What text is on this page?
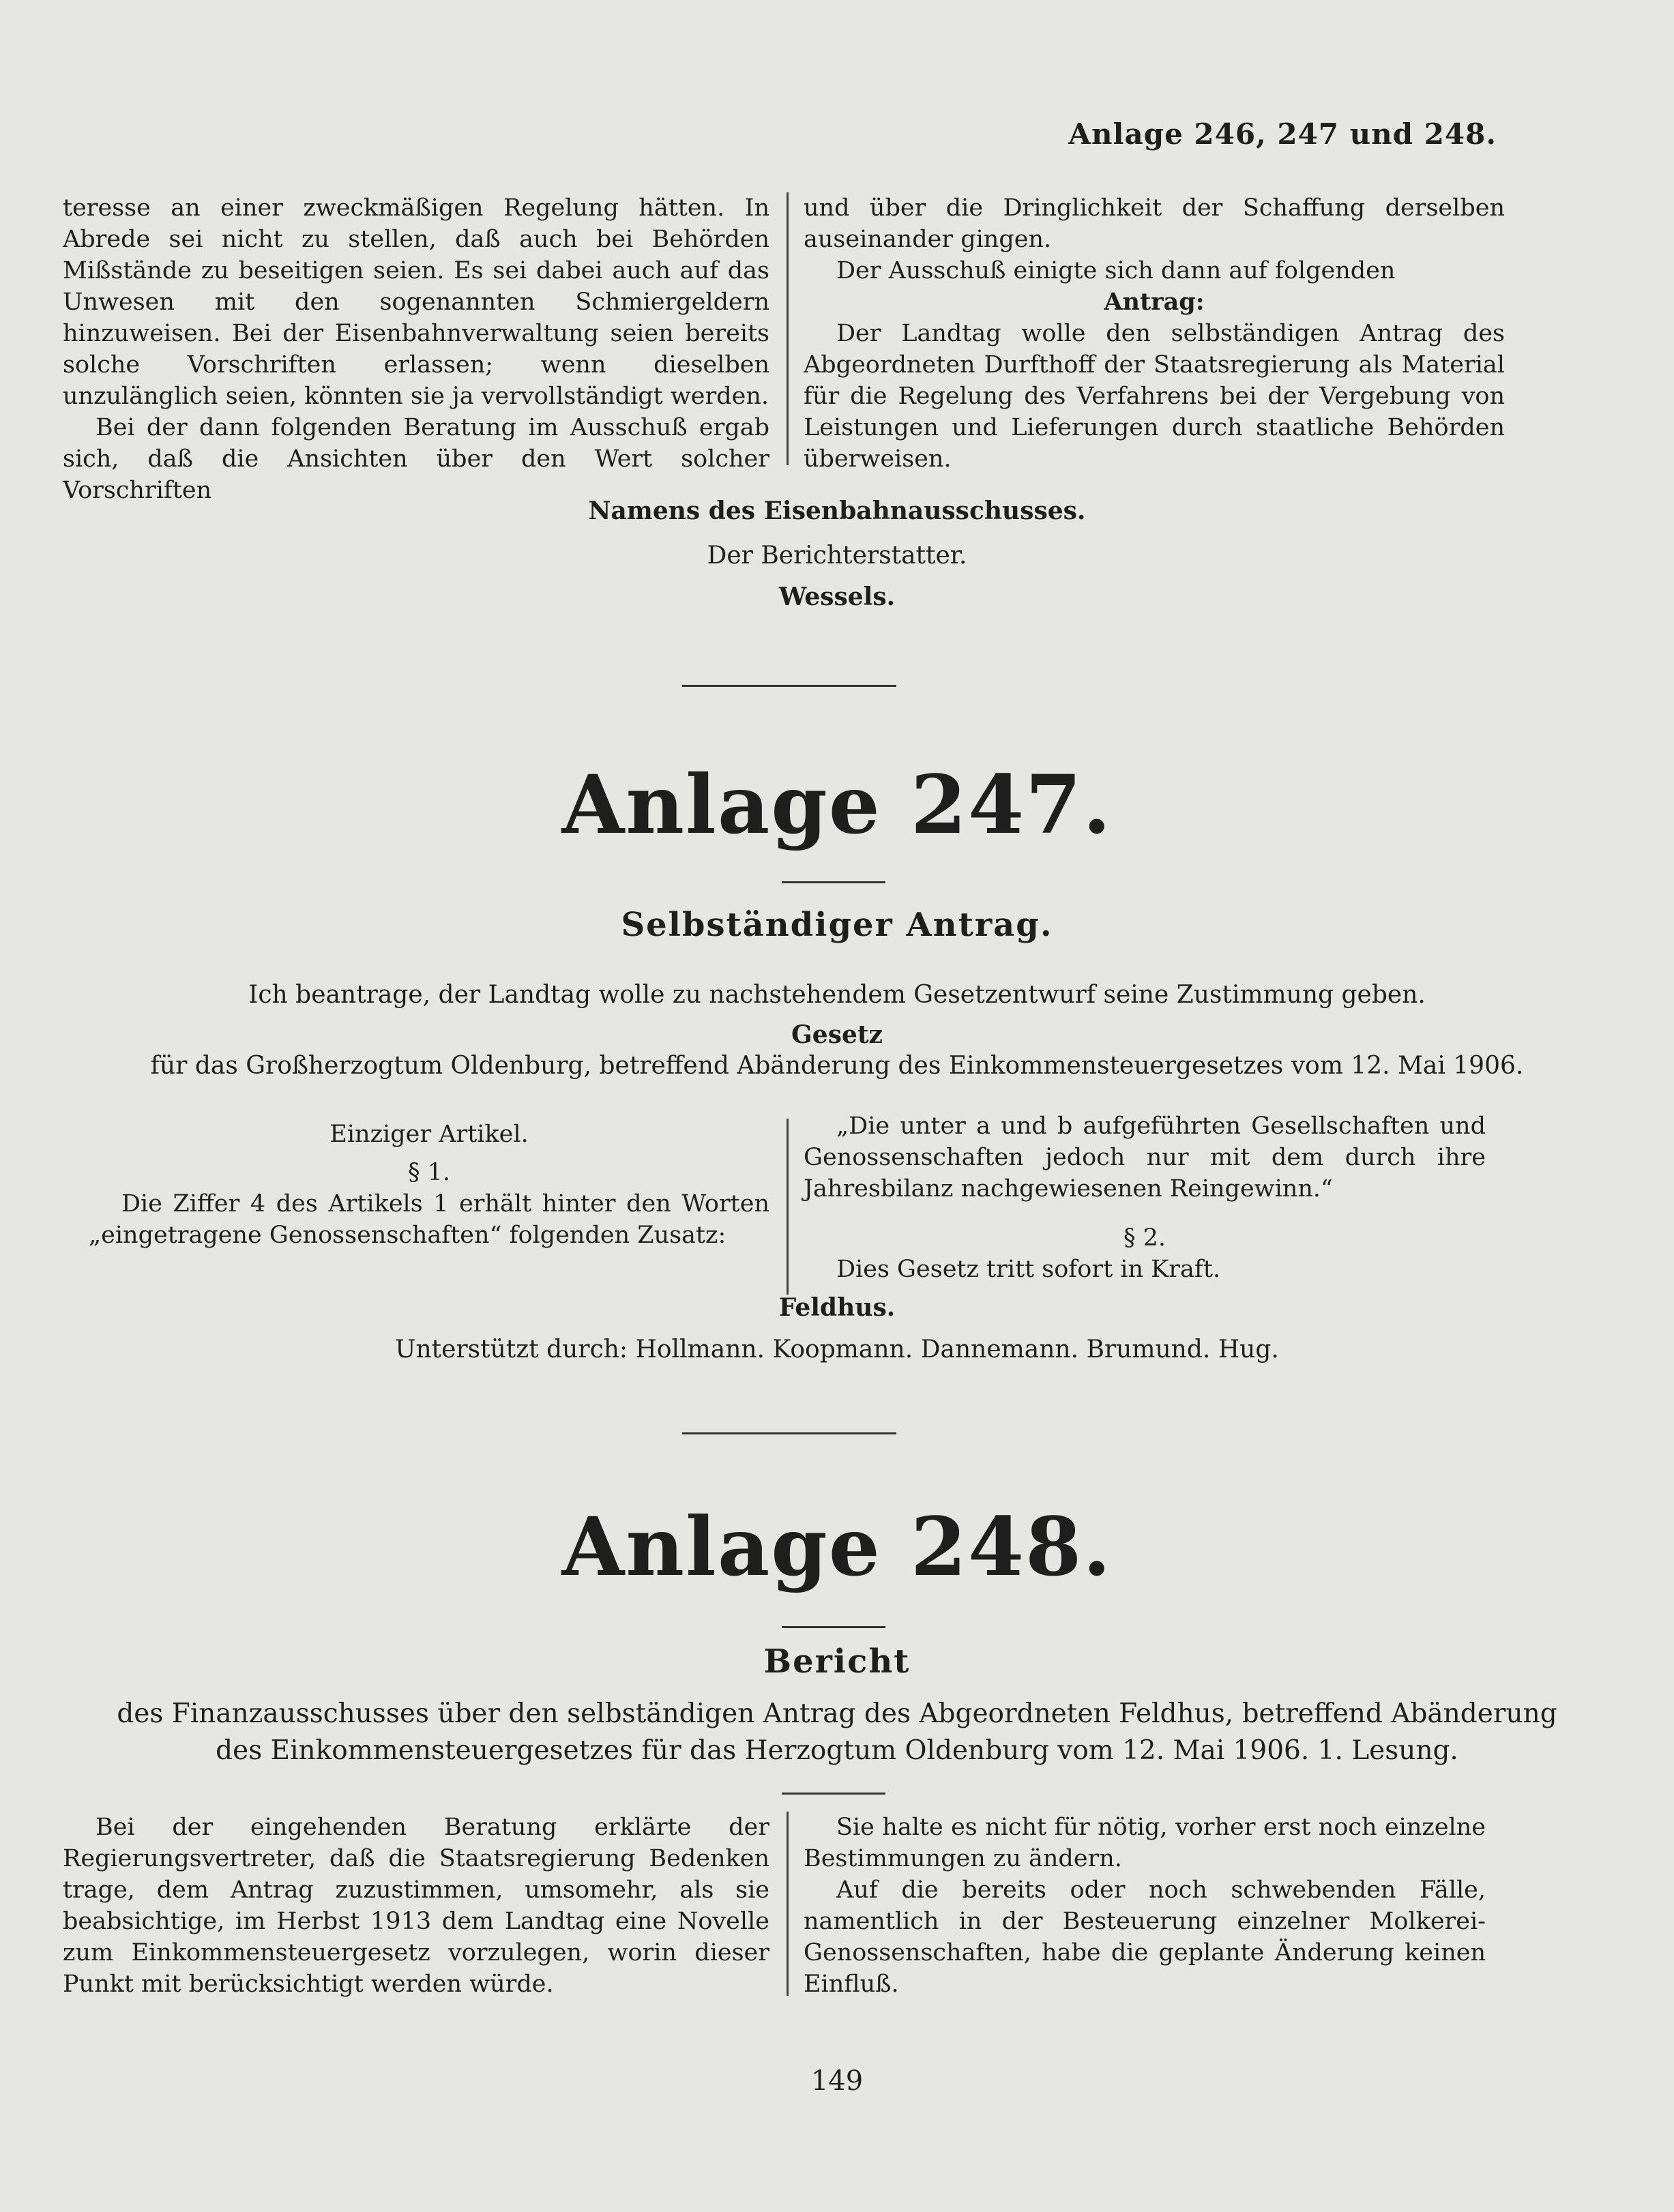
Anlage 246, 247 und 248.

teresse an einer zweckmäßigen Regelung hätten. In Abrede sei nicht zu stellen, daß auch bei Behörden Mißstände zu beseitigen seien. Es sei dabei auch auf das Unwesen mit den sogenannten Schmiergeldern hinzuweisen. Bei der Eisenbahnverwaltung seien bereits solche Vorschriften erlassen; wenn dieselben unzulänglich seien, könnten sie ja vervollständigt werden.

Bei der dann folgenden Beratung im Ausschuß ergab sich, daß die Ansichten über den Wert solcher Vorschriften

und über die Dringlichkeit der Schaffung derselben auseinander gingen.

Der Ausschuß einigte sich dann auf folgenden

Antrag:

Der Landtag wolle den selbständigen Antrag des Abgeordneten Durfthoff der Staatsregierung als Material für die Regelung des Verfahrens bei der Vergebung von Leistungen und Lieferungen durch staatliche Behörden überweisen.

Namens des Eisenbahnausschusses.
Der Berichterstatter.
Wessels.
Anlage 247.
Selbständiger Antrag.
Ich beantrage, der Landtag wolle zu nachstehendem Gesetzentwurf seine Zustimmung geben.
Gesetz
für das Großherzogtum Oldenburg, betreffend Abänderung des Einkommensteuergesetzes vom 12. Mai 1906.

Einziger Artikel.

§ 1.

Die Ziffer 4 des Artikels 1 erhält hinter den Worten „eingetragene Genossenschaften“ folgenden Zusatz:

„Die unter a und b aufgeführten Gesellschaften und Genossenschaften jedoch nur mit dem durch ihre Jahresbilanz nachgewiesenen Reingewinn.“

§ 2.

Dies Gesetz tritt sofort in Kraft.

Feldhus.
Unterstützt durch: Hollmann. Koopmann. Dannemann. Brumund. Hug.
Anlage 248.
Bericht
des Finanzausschusses über den selbständigen Antrag des Abgeordneten Feldhus, betreffend Abänderung
des Einkommensteuergesetzes für das Herzogtum Oldenburg vom 12. Mai 1906. 1. Lesung.

Bei der eingehenden Beratung erklärte der Regierungsvertreter, daß die Staatsregierung Bedenken trage, dem Antrag zuzustimmen, umsomehr, als sie beabsichtige, im Herbst 1913 dem Landtag eine Novelle zum Einkommensteuergesetz vorzulegen, worin dieser Punkt mit berücksichtigt werden würde.

Sie halte es nicht für nötig, vorher erst noch einzelne Bestimmungen zu ändern.

Auf die bereits oder noch schwebenden Fälle, namentlich in der Besteuerung einzelner Molkerei-Genossenschaften, habe die geplante Änderung keinen Einfluß.

149
